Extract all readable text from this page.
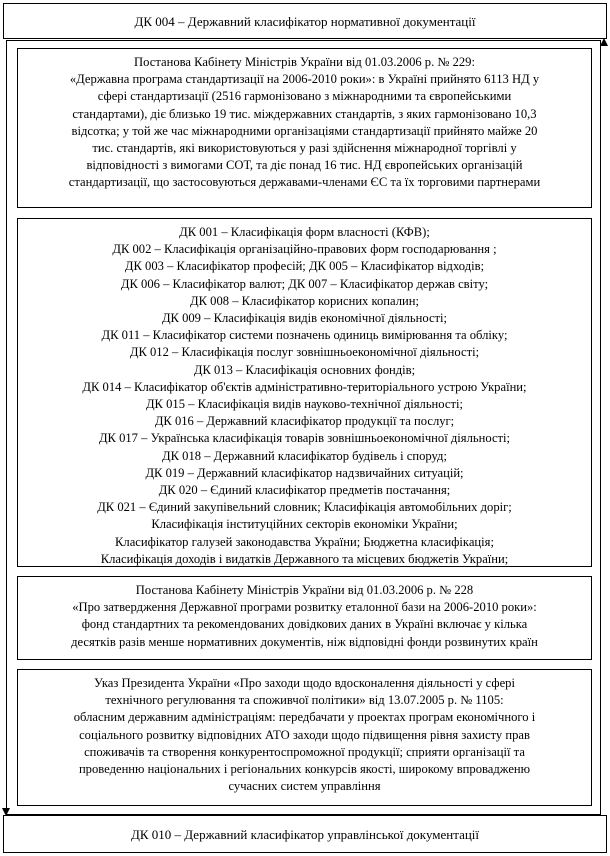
ДК 004 – Державний класифікатор нормативної документації
Постанова Кабінету Міністрів України від 01.03.2006 р. № 229:
«Державна програма стандартизації на 2006-2010 роки»: в Україні прийнято 6113 НД у
сфері стандартизації (2516 гармонізовано з міжнародними та європейськими
стандартами), діє близько 19 тис. міждержавних стандартів, з яких гармонізовано 10,3
відсотка; у той же час міжнародними організаціями стандартизації прийнято майже 20
тис. стандартів, які використовуються у разі здійснення міжнародної торгівлі у
відповідності з вимогами СОТ, та діє понад 16 тис. НД європейських організацій
стандартизації, що застосовуються державами-членами ЄС та їх торговими партнерами
ДК 001 – Класифікація форм власності (КФВ);
ДК 002 – Класифікація організаційно-правових форм господарювання ;
ДК 003 – Класифікатор професій; ДК 005 – Класифікатор відходів;
ДК 006 – Класифікатор валют; ДК 007 – Класифікатор держав світу;
ДК 008 – Класифікатор корисних копалин;
ДК 009 – Класифікація видів економічної діяльності;
ДК 011 – Класифікатор системи позначень одиниць вимірювання та обліку;
ДК 012 – Класифікація послуг зовнішньоекономічної діяльності;
ДК 013 – Класифікація основних фондів;
ДК 014 – Класифікатор об'єктів адміністративно-територіального устрою України;
ДК 015 – Класифікація видів науково-технічної діяльності;
ДК 016 – Державний класифікатор продукції та послуг;
ДК 017 – Українська класифікація товарів зовнішньоекономічної діяльності;
ДК 018 – Державний класифікатор будівель і споруд;
ДК 019 – Державний класифікатор надзвичайних ситуацій;
ДК 020 – Єдиний класифікатор предметів постачання;
ДК 021 – Єдиний закупівельний словник; Класифікація автомобільних доріг;
Класифікація інституційних секторів економіки України;
Класифікатор галузей законодавства України; Бюджетна класифікація;
Класифікація доходів і видатків Державного та місцевих бюджетів України;
Постанова Кабінету Міністрів України від 01.03.2006 р. № 228
«Про затвердження Державної програми розвитку еталонної бази на 2006-2010 роки»:
фонд стандартних та рекомендованих довідкових даних в Україні включає у кілька
десятків разів менше нормативних документів, ніж відповідні фонди розвинутих країн
Указ Президента України «Про заходи щодо вдосконалення діяльності у сфері
технічного регулювання та споживчої політики» від 13.07.2005 р. № 1105:
обласним державним адміністраціям: передбачати у проектах програм економічного і
соціального розвитку відповідних АТО заходи щодо підвищення рівня захисту прав
споживачів та створення конкурентоспроможної продукції; сприяти організації та
проведенню національних і регіональних конкурсів якості, широкому впровадженю
сучасних систем управління
ДК 010 – Державний класифікатор управлінської документації
